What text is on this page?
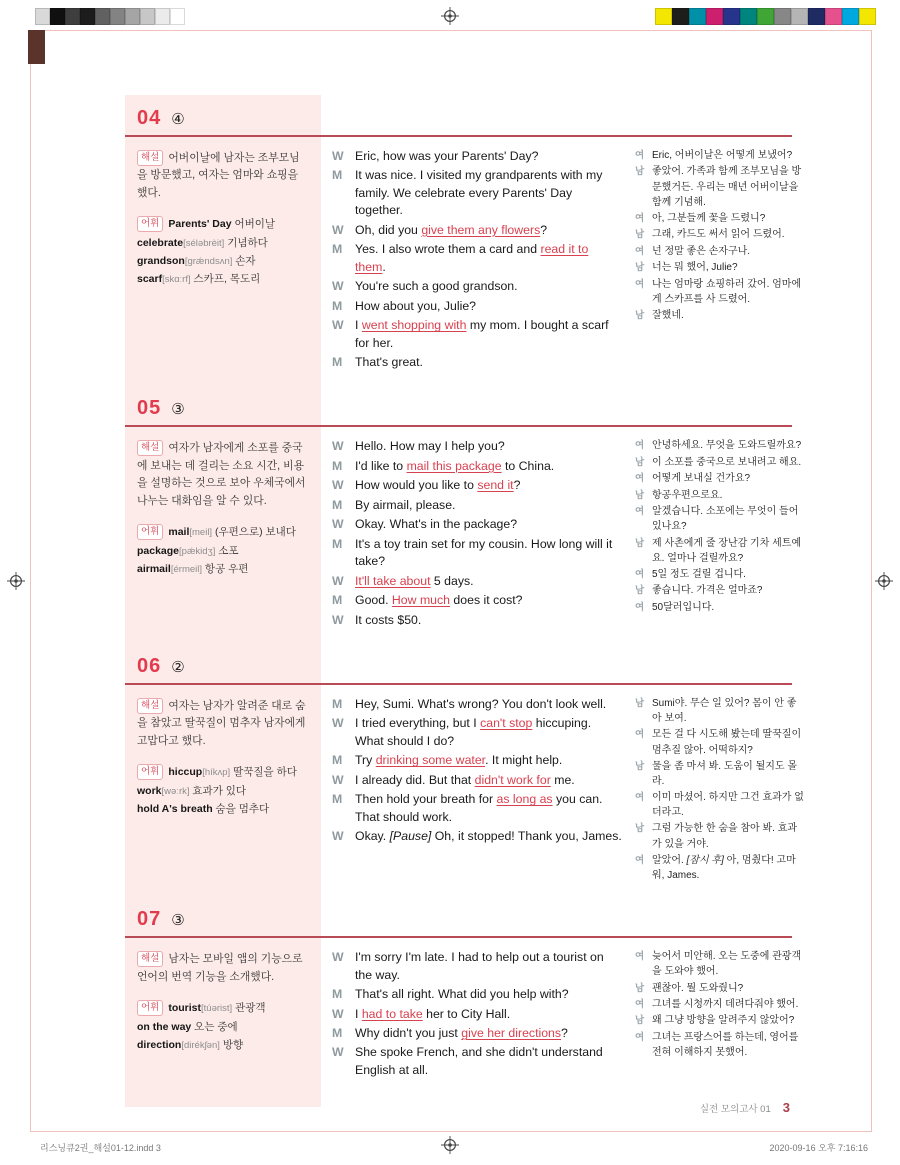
04 ④
해설 어버이날에 남자는 조부모님을 방문했고, 여자는 엄마와 쇼핑을 했다.
어휘 Parents' Day 어버이날
celebrate[séləbrèit] 기념하다
grandson[grǽndsʌn] 손자
scarf[skɑːrf] 스카프, 목도리
W Eric, how was your Parents' Day?
M	It was nice. I visited my grandparents with my family. We celebrate every Parents' Day together.
W Oh, did you give them any flowers?
M	Yes. I also wrote them a card and read it to them.
W You're such a good grandson.
M	How about you, Julie?
W I went shopping with my mom. I bought a scarf for her.
M	That's great.
여 Eric, 어버이날은 어떻게 보냈어?
남 좋았어. 가족과 함께 조부모님을 방문했거든. 우리는 매년 어버이날을 함께 기념해.
여 아, 그분들께 꽃을 드렸니?
남 그래, 카드도 써서 읽어 드렸어.
여 넌 정말 좋은 손자구나.
남 너는 뭐 했어, Julie?
여 나는 엄마랑 쇼핑하러 갔어. 엄마에게 스카프를 사 드렸어.
남 잘했네.
05 ③
해설 여자가 남자에게 소포를 중국에 보내는 데 걸리는 소요 시간, 비용을 설명하는 것으로 보아 우체국에서 나누는 대화임을 알 수 있다.
어휘 mail[meil] (우편으로) 보내다
package[pǽkidʒ] 소포
airmail[érmeil] 항공 우편
W Hello. How may I help you?
M	I'd like to mail this package to China.
W How would you like to send it?
M	By airmail, please.
W Okay. What's in the package?
M	It's a toy train set for my cousin. How long will it take?
W It'll take about 5 days.
M	Good. How much does it cost?
W It costs $50.
여 안녕하세요. 무엇을 도와드릴까요?
남 이 소포를 중국으로 보내려고 해요.
여 어떻게 보내실 건가요?
남 항공우편으로요.
여 알겠습니다. 소포에는 무엇이 들어있나요?
남 제 사촌에게 줄 장난감 기차 세트예요. 얼마나 걸릴까요?
여 5일 정도 걸릴 겁니다.
남 좋습니다. 가격은 얼마죠?
여 50달러입니다.
06 ②
해설 여자는 남자가 알려준 대로 숨을 참았고 딸꾹질이 멈추자 남자에게 고맙다고 했다.
어휘 hiccup[híkʌp] 딸꾹질을 하다
work[wəːrk] 효과가 있다
hold A's breath 숨을 멈추다
M	Hey, Sumi. What's wrong? You don't look well.
W I tried everything, but I can't stop hiccuping. What should I do?
M	Try drinking some water. It might help.
W I already did. But that didn't work for me.
M	Then hold your breath for as long as you can. That should work.
W Okay. [Pause] Oh, it stopped! Thank you, James.
남 Sumi야. 무슨 일 있어? 몸이 안 좋아 보여.
여 모든 걸 다 시도해 봤는데 딸꾹질이 멈추질 않아. 어떡하지?
남 물을 좀 마셔 봐. 도움이 될지도 몰라.
여 이미 마셨어. 하지만 그건 효과가 없더라고.
남 그럼 가능한 한 숨을 참아 봐. 효과가 있을 거야.
여 알았어. [잠시 후] 아, 멈췄다! 고마워, James.
07 ③
해설 남자는 모바일 앱의 기능으로 언어의 번역 기능을 소개했다.
어휘 tourist[túərist] 관광객
on the way 오는 중에
direction[dirékʃən] 방향
W I'm sorry I'm late. I had to help out a tourist on the way.
M	That's all right. What did you help with?
W I had to take her to City Hall.
M	Why didn't you just give her directions?
W She spoke French, and she didn't understand English at all.
여 늦어서 미안해. 오는 도중에 관광객을 도와야 했어.
남 괜찮아. 뭘 도와줬니?
여 그녀를 시청까지 데려다줘야 했어.
남 왜 그냥 방향을 알려주지 않았어?
여 그녀는 프랑스어를 하는데, 영어를 전혀 이해하지 못했어.
실전 모의고사 01 3
리스닝큐2권_해설01-12.indd 3	2020-09-16 오후 7:16:16
